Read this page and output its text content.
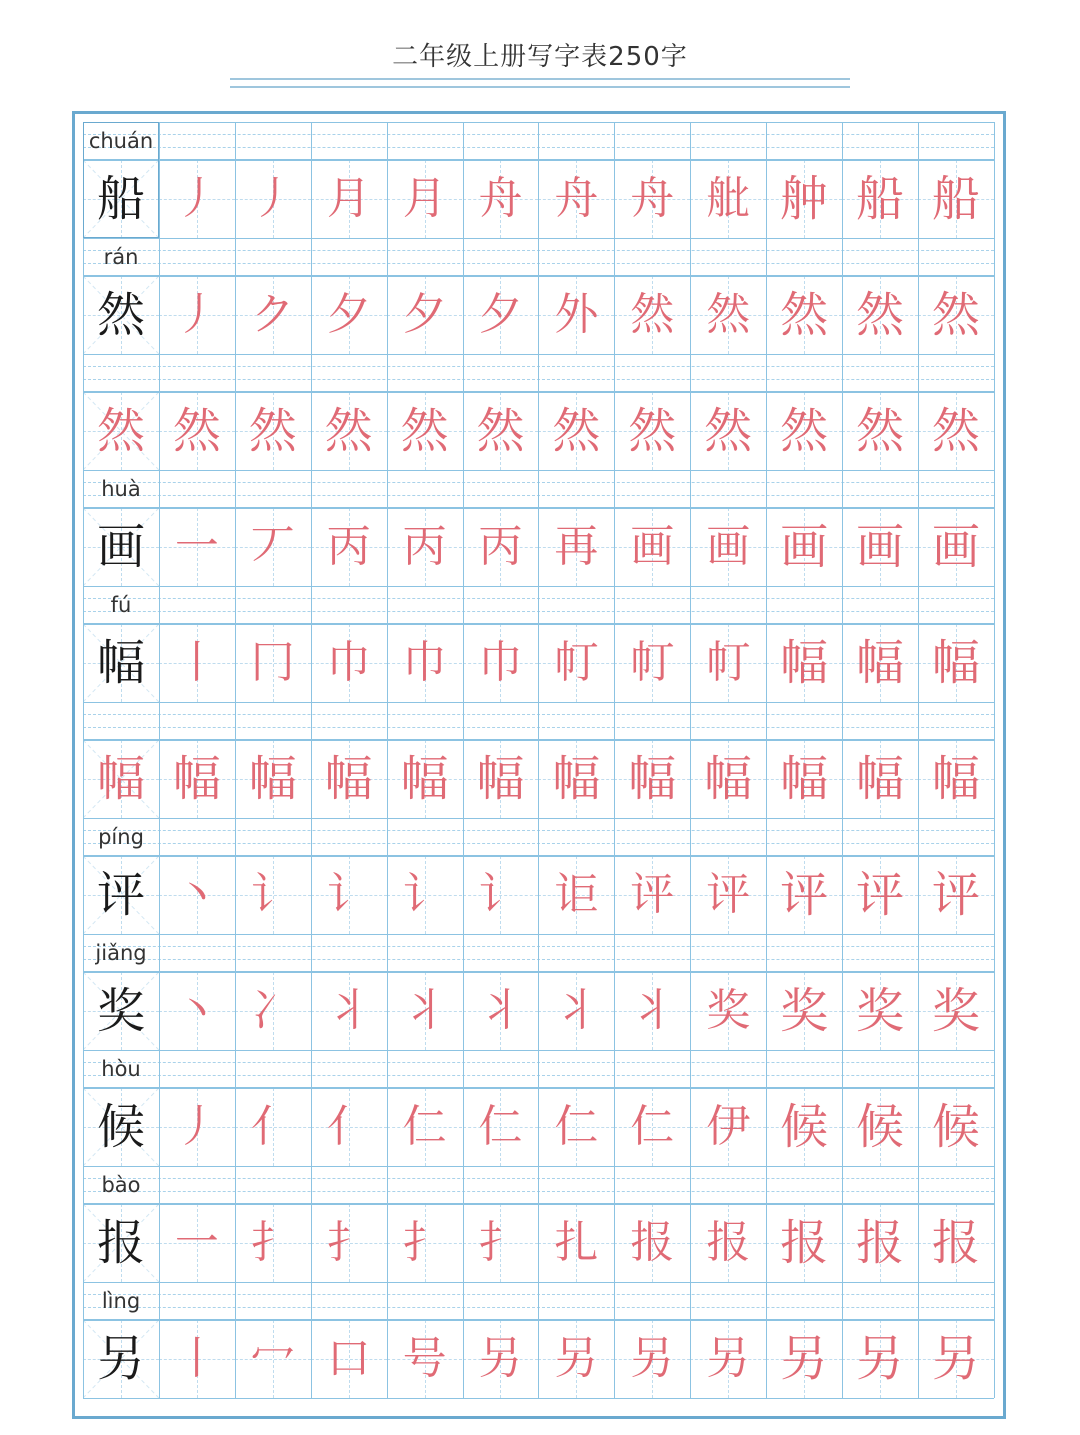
二年级上册写字表250字
chuán
船 丿 丿 月 月 舟 舟 舟 舭 舯 船 船
rán
然 丿 ク 夕 夕 夕 外 然 然 然 然 然
然 然 然 然 然 然 然 然 然 然 然 然
huà
画 一 丆 丙 丙 丙 再 画 画 画 画 画
fú
幅 丨 冂 巾 巾 巾 帄 帄 帄 幅 幅 幅
幅 幅 幅 幅 幅 幅 幅 幅 幅 幅 幅 幅
píng
评 丶 讠 讠 讠 讠 讵 评 评 评 评 评
jiǎng
奖 丶 冫 丬 丬 丬 丬 丬 奖 奖 奖 奖
hòu
候 丿 亻 亻 仁 仁 仁 仁 伊 候 候 候
bào
报 一 扌 扌 扌 扌 扎 报 报 报 报 报
lìng
另 丨 冖 口 号 另 另 另 另 另 另 另
